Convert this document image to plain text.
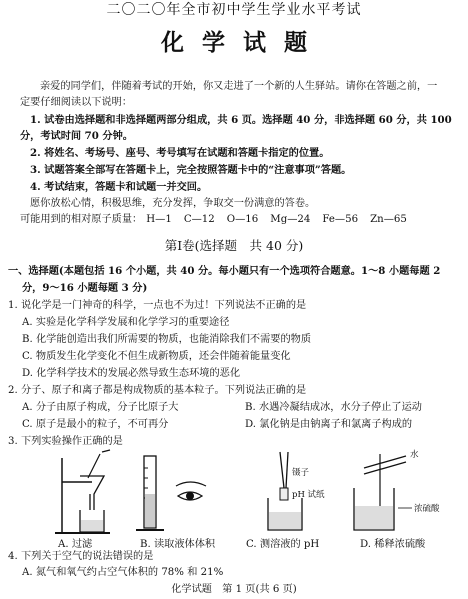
二〇二〇年全市初中学生学业水平考试
化学试题
亲爱的同学们，伴随着考试的开始，你又走进了一个新的人生驿站。请你在答题之前，一
定要仔细阅读以下说明：
1. 试卷由选择题和非选择题两部分组成，共 6 页。选择题 40 分，非选择题 60 分，共 100
分，考试时间 70 分钟。
2. 将姓名、考场号、座号、考号填写在试题和答题卡指定的位置。
3. 试题答案全部写在答题卡上，完全按照答题卡中的“注意事项”答题。
4. 考试结束，答题卡和试题一并交回。
愿你放松心情，积极思维，充分发挥，争取交一份满意的答卷。
可能用到的相对原子质量： H—1 C—12 O—16 Mg—24 Fe—56 Zn—65
第Ⅰ卷(选择题　共 40 分)
一、选择题(本题包括 16 个小题，共 40 分。每小题只有一个选项符合题意。1～8 小题每题 2
分，9～16 小题每题 3 分)
1. 说化学是一门神奇的科学，一点也不为过！下列说法不正确的是
A. 实验是化学科学发展和化学学习的重要途径
B. 化学能创造出我们所需要的物质，也能消除我们不需要的物质
C. 物质发生化学变化不但生成新物质，还会伴随着能量变化
D. 化学科学技术的发展必然导致生态环境的恶化
2. 分子、原子和离子都是构成物质的基本粒子。下列说法正确的是
A. 分子由原子构成，分子比原子大	B. 水遇冷凝结成冰，水分子停止了运动
C. 原子是最小的粒子，不可再分	D. 氯化钠是由钠离子和氯离子构成的
3. 下列实验操作正确的是
镊子
pH 试纸
水
浓硫酸
A. 过滤	B. 读取液体体积	C. 测溶液的 pH	D. 稀释浓硫酸
4. 下列关于空气的说法错误的是
A. 氮气和氧气约占空气体积的 78% 和 21%
化学试题　第 1 页(共 6 页)
